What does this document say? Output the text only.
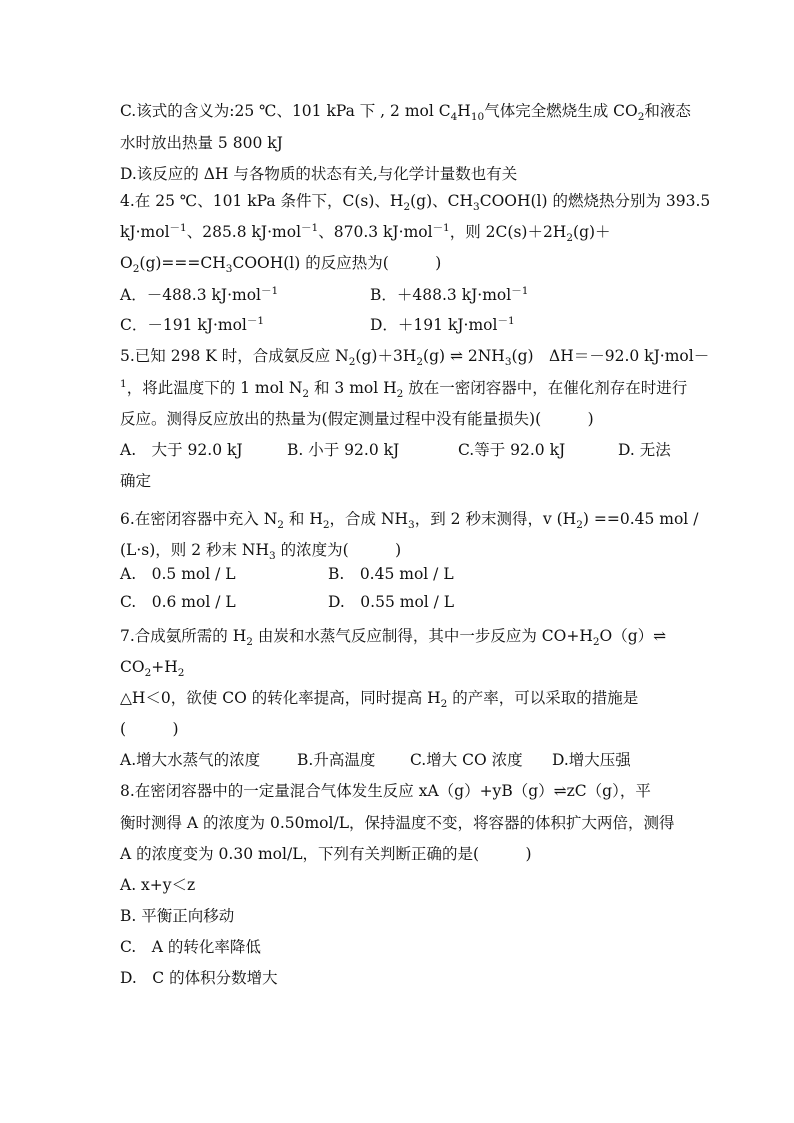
C.该式的含义为:25 ℃、101 kPa 下 , 2 mol $C_4H_{10}$气体完全燃烧生成 $CO_2$和液态
水时放出热量 5 800 kJ
D.该反应的 ΔH 与各物质的状态有关,与化学计量数也有关
4.在 25 ℃、101 kPa 条件下，C(s)、$H_2(g)$、$CH_3COOH(l)$ 的燃烧热分别为 393.5
kJ·mol$^{-1}$、285.8 kJ·mol$^{-1}$、870.3 kJ·mol$^{-1}$，则 $2C(s)+2H_2(g)+$
$O_2(g)===CH_3COOH(l)$ 的反应热为(　　　)
A．－488.3 kJ·mol$^{-1}$	B．＋488.3 kJ·mol$^{-1}$
C．－191 kJ·mol$^{-1}$	D．＋191 kJ·mol$^{-1}$
5.已知 298 K 时，合成氨反应 $N_2(g)+3H_2(g)$ ⇌ $2NH_3(g)$　ΔH＝－92.0 kJ·mol－
$^1$，将此温度下的 1 mol $N_2$ 和 3 mol $H_2$ 放在一密闭容器中，在催化剂存在时进行
反应。测得反应放出的热量为(假定测量过程中没有能量损失)(　　　)
A.　大于 92.0 kJ	B. 小于 92.0 kJ	C.等于 92.0 kJ	D. 无法
确定
6.在密闭容器中充入 $N_2$ 和 $H_2$，合成 $NH_3$，到 2 秒末测得，v $(H_2) ==0.45$ mol /
(L·s)，则 2 秒末 $NH_3$ 的浓度为(　　　)
A.　0.5 mol / L	B.　0.45 mol / L
C.　0.6 mol / L	D.　0.55 mol / L
7.合成氨所需的 $H_2$ 由炭和水蒸气反应制得，其中一步反应为 $CO+H_2O(g)\rightleftharpoons$
$CO_2+H_2$
△H＜0，欲使 CO 的转化率提高，同时提高 $H_2$ 的产率，可以采取的措施是
(　　　)
A.增大水蒸气的浓度 B.升高温度 C.增大 CO 浓度 D.增大压强
8.在密闭容器中的一定量混合气体发生反应 xA（g）+yB（g）⇌zC（g），平
衡时测得 A 的浓度为 0.50mol/L，保持温度不变，将容器的体积扩大两倍，测得
A 的浓度变为 0.30 mol/L，下列有关判断正确的是(　　　)
A. x+y＜z
B. 平衡正向移动
C.　A 的转化率降低
D.　C 的体积分数增大
